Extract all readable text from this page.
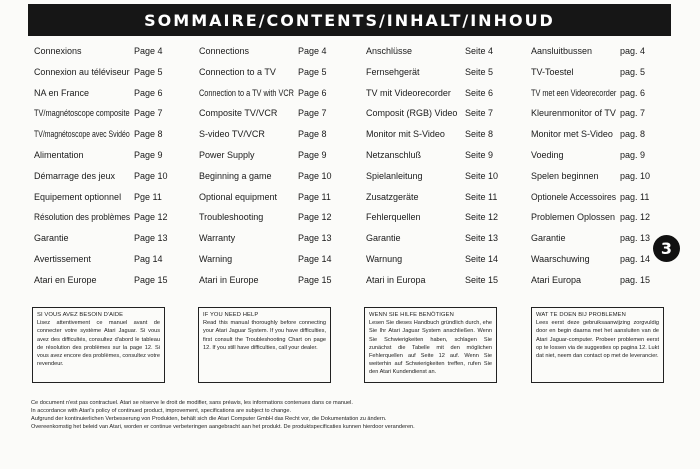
SOMMAIRE/CONTENTS/INHALT/INHOUD
Connexions	Page 4
Connexion au téléviseur Page 5
NA en France	Page 6
TV/magnétoscope composite Page 7
TV/magnétoscope avec Svidéo Page 8
Alimentation	Page 9
Démarrage des jeux Page 10
Equipement optionnel Pge 11
Résolution des problèmes Page 12
Garantie	Page 13
Avertissement	Pag 14
Atari en Europe	Page 15
Connections	Page 4
Connection to a TV Page 5
Connection to a TV with VCR Page 6
Composite TV/VCR Page 7
S-video TV/VCR	Page 8
Power Supply	Page 9
Beginning a game	Page 10
Optional equipment Page 11
Troubleshooting	Page 12
Warranty	Page 13
Warning	Page 14
Atari in Europe	Page 15
Anschlüsse	Seite 4
Fernsehgerät	Seite 5
TV mit Videorecorder Seite 6
Composit (RGB) Video Seite 7
Monitor mit S-Video Seite 8
Netzanschluß	Seite 9
Spielanleitung	Seite 10
Zusatzgeräte	Seite 11
Fehlerquellen	Seite 12
Garantie	Seite 13
Warnung	Seite 14
Atari in Europa	Seite 15
Aansluitbussen	pag. 4
TV-Toestel	pag. 5
TV met een Videorecorder pag. 6
Kleurenmonitor of TV pag. 7
Monitor met S-Video pag. 8
Voeding	pag. 9
Spelen beginnen pag. 10
Optionele Accessoires pag. 11
Problemen Oplossen pag. 12
Garantie	pag. 13
Waarschuwing	pag. 14
Atari Europa	pag. 15
3
SI VOUS AVEZ BESOIN D'AIDE
Lisez attentivement ce manuel avant de connecter votre système Atari Jaguar. Si vous avez des difficultés, consultez d'abord le tableau de résolution des problèmes sur la page 12. Si vous avez encore des problèmes, consultez votre revendeur.
IF YOU NEED HELP
Read this manual thoroughly before connecting your Atari Jaguar System. If you have difficulties, first consult the Troubleshooting Chart on page 12. If you still have difficulties, call your dealer.
WENN SIE HILFE BENÖTIGEN
Lesen Sie dieses Handbuch gründlich durch, ehe Sie Ihr Atari Jaguar System anschließen. Wenn Sie Schwierigkeiten haben, schlagen Sie zunächst die Tabelle mit den möglichen Fehlerquellen auf Seite 12 auf. Wenn Sie weiterhin auf Schwierigkeiten treffen, rufen Sie den Atari Kundendienst an.
WAT TE DOEN BIJ PROBLEMEN
Lees eerst deze gebruiksaanwijzing zorgvuldig door en begin daarna met het aansluiten van de Atari Jaguar-computer. Probeer problemen eerst op te lossen via de suggesties op pagina 12. Lukt dat niet, neem dan contact op met de leverancier.
Ce document n'est pas contractuel. Atari se réserve le droit de modifier, sans préavis, les informations contenues dans ce manuel.
In accordance with Atari's policy of continued product, improvement, specifications are subject to change.
Aufgrund der kontinuierlichen Verbesserung von Produkten, behält sich die Atari Computer GmbH das Recht vor, die Dokumentation zu ändern.
Overeenkomstig het beleid van Atari, worden er continue verbeteringen aangebracht aan het produkt. De produktspecificaties kunnen hierdoor veranderen.
